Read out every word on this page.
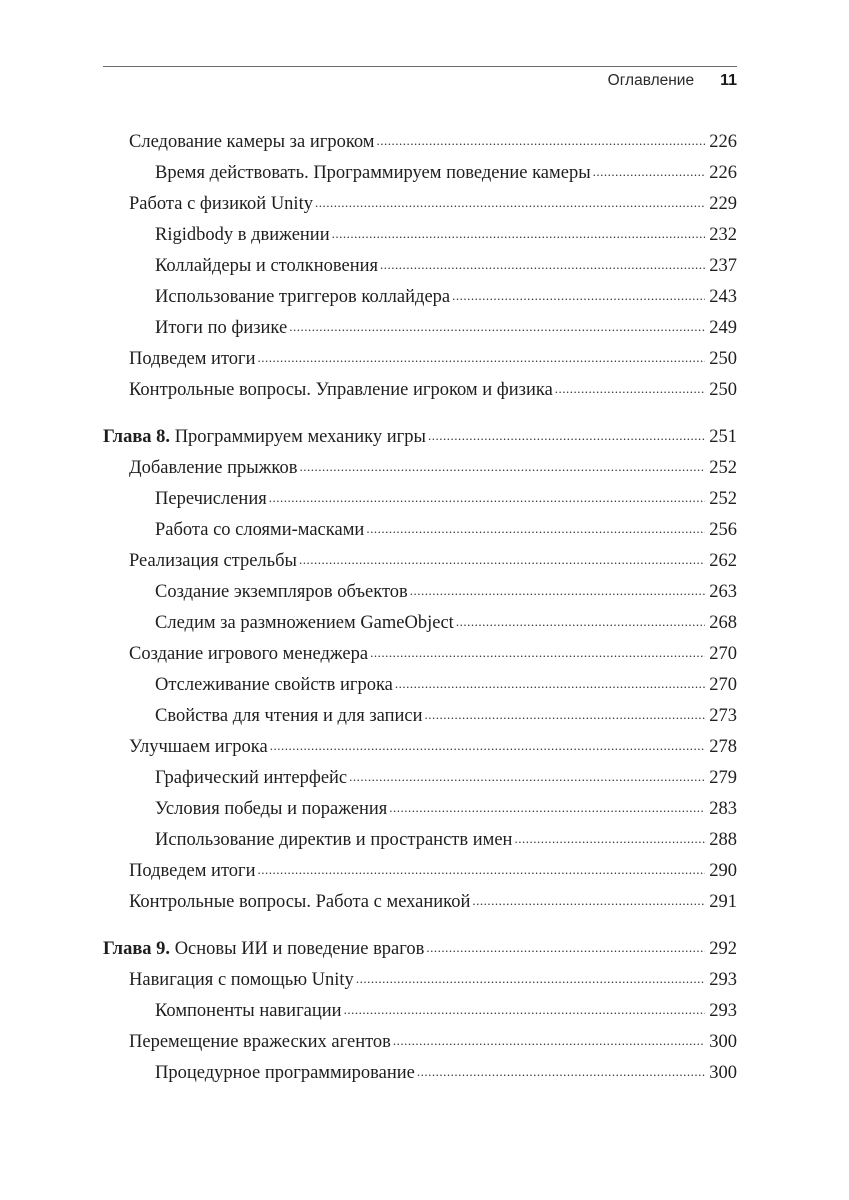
Оглавление 11
Следование камеры за игроком .....	226
Время действовать. Программируем поведение камеры .....	226
Работа с физикой Unity .....	229
Rigidbody в движении .....	232
Коллайдеры и столкновения .....	237
Использование триггеров коллайдера .....	243
Итоги по физике .....	249
Подведем итоги .....	250
Контрольные вопросы. Управление игроком и физика .....	250
Глава 8. Программируем механику игры .....	251
Добавление прыжков .....	252
Перечисления .....	252
Работа со слоями-масками .....	256
Реализация стрельбы .....	262
Создание экземпляров объектов .....	263
Следим за размножением GameObject .....	268
Создание игрового менеджера .....	270
Отслеживание свойств игрока .....	270
Свойства для чтения и для записи .....	273
Улучшаем игрока .....	278
Графический интерфейс .....	279
Условия победы и поражения .....	283
Использование директив и пространств имен .....	288
Подведем итоги .....	290
Контрольные вопросы. Работа с механикой .....	291
Глава 9. Основы ИИ и поведение врагов .....	292
Навигация с помощью Unity .....	293
Компоненты навигации .....	293
Перемещение вражеских агентов .....	300
Процедурное программирование .....	300
